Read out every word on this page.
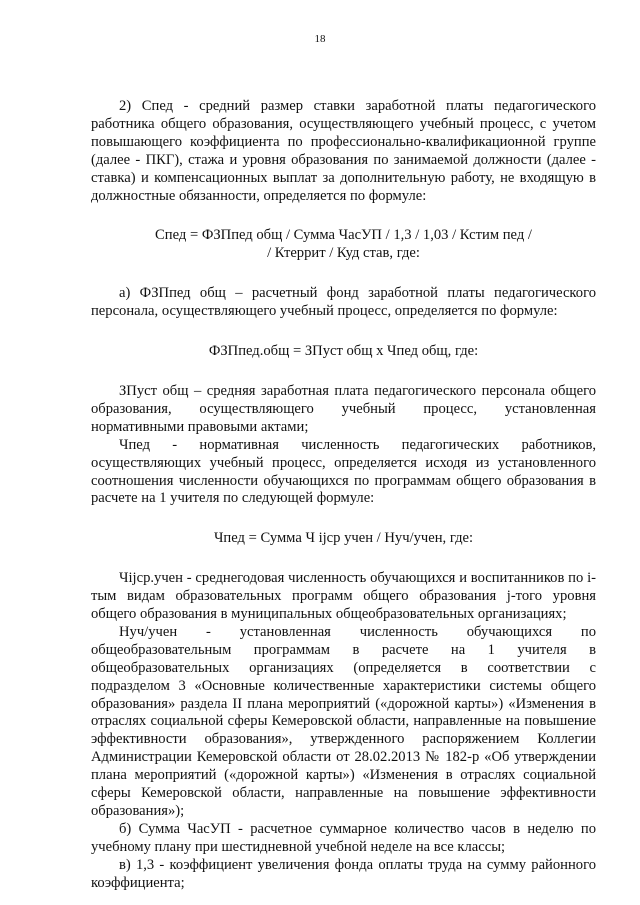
18

2) Спед - средний размер ставки заработной платы педагогического работника общего образования, осуществляющего учебный процесс, с учетом повышающего коэффициента по профессионально-квалификационной группе (далее - ПКГ), стажа и уровня образования по занимаемой должности (далее - ставка) и компенсационных выплат за дополнительную работу, не входящую в должностные обязанности, определяется по формуле:

Спед = ФЗПпед общ / Сумма ЧасУП / 1,3 / 1,03 / Кстим пед /

/ Ктеррит / Куд став, где:

а) ФЗПпед общ – расчетный фонд заработной платы педагогического персонала, осуществляющего учебный процесс, определяется по формуле:

ФЗПпед.общ = ЗПуст общ х Чпед общ, где:

ЗПуст общ – средняя заработная плата педагогического персонала общего образования, осуществляющего учебный процесс, установленная нормативными правовыми актами;

Чпед - нормативная численность педагогических работников, осуществляющих учебный процесс, определяется исходя из установленного соотношения численности обучающихся по программам общего образования в расчете на 1 учителя по следующей формуле:

Чпед = Сумма Ч ijср учен / Нуч/учен, где:

Чijср.учен - среднегодовая численность обучающихся и воспитанников по i-тым видам образовательных программ общего образования j-того уровня общего образования в муниципальных общеобразовательных организациях;

Нуч/учен - установленная численность обучающихся по общеобразовательным программам в расчете на 1 учителя в общеобразовательных организациях (определяется в соответствии с подразделом 3 «Основные количественные характеристики системы общего образования» раздела II плана мероприятий («дорожной карты») «Изменения в отраслях социальной сферы Кемеровской области, направленные на повышение эффективности образования», утвержденного распоряжением Коллегии Администрации Кемеровской области от 28.02.2013 № 182-р «Об утверждении плана мероприятий («дорожной карты») «Изменения в отраслях социальной сферы Кемеровской области, направленные на повышение эффективности образования»);

б) Сумма ЧасУП - расчетное суммарное количество часов в неделю по учебному плану при шестидневной учебной неделе на все классы;

в) 1,3 - коэффициент увеличения фонда оплаты труда на сумму районного коэффициента;
